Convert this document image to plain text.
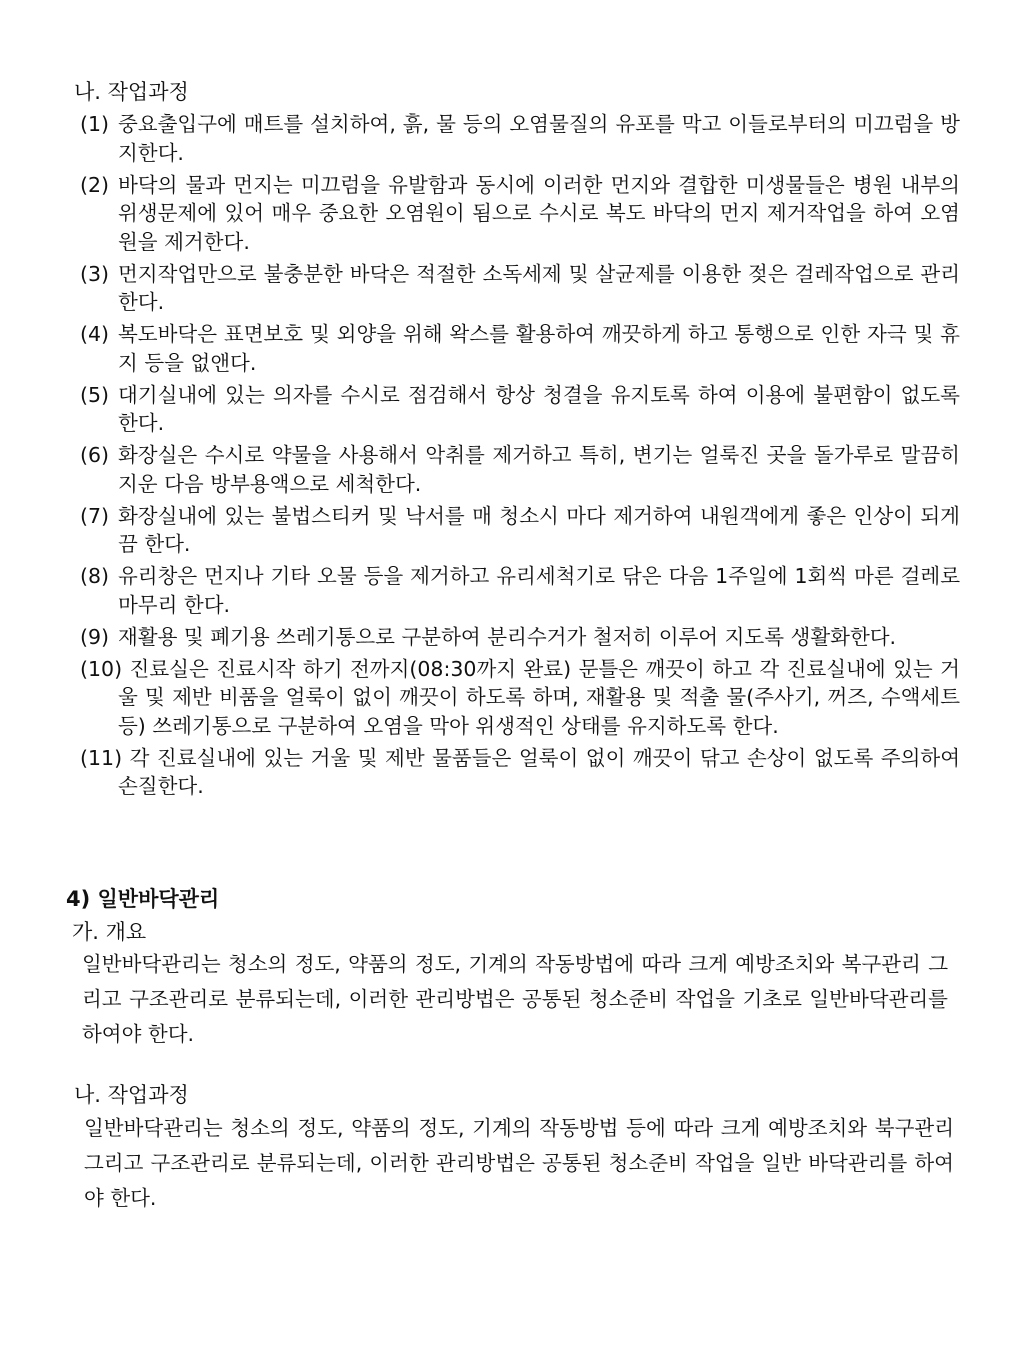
나. 작업과정
(1) 중요출입구에 매트를 설치하여, 흙, 물 등의 오염물질의 유포를 막고 이들로부터의 미끄럼을 방지한다.
(2) 바닥의 물과 먼지는 미끄럼을 유발함과 동시에 이러한 먼지와 결합한 미생물들은 병원 내부의 위생문제에 있어 매우 중요한 오염원이 됨으로 수시로 복도 바닥의 먼지 제거작업을 하여 오염원을 제거한다.
(3) 먼지작업만으로 불충분한 바닥은 적절한 소독세제 및 살균제를 이용한 젖은 걸레작업으로 관리한다.
(4) 복도바닥은 표면보호 및 외양을 위해 왁스를 활용하여 깨끗하게 하고 통행으로 인한 자극 및 휴지 등을 없앤다.
(5) 대기실내에 있는 의자를 수시로 점검해서 항상 청결을 유지토록 하여 이용에 불편함이 없도록 한다.
(6) 화장실은 수시로 약물을 사용해서 악취를 제거하고 특히, 변기는 얼룩진 곳을 돌가루로 말끔히 지운 다음 방부용액으로 세척한다.
(7) 화장실내에 있는 불법스티커 및 낙서를 매 청소시 마다 제거하여 내원객에게 좋은 인상이 되게끔 한다.
(8) 유리창은 먼지나 기타 오물 등을 제거하고 유리세척기로 닦은 다음 1주일에 1회씩 마른 걸레로 마무리 한다.
(9) 재활용 및 폐기용 쓰레기통으로 구분하여 분리수거가 철저히 이루어 지도록 생활화한다.
(10) 진료실은 진료시작 하기 전까지(08:30까지 완료) 문틀은 깨끗이 하고 각 진료실내에 있는 거울 및 제반 비품을 얼룩이 없이 깨끗이 하도록 하며, 재활용 및 적출 물(주사기, 꺼즈, 수액세트 등) 쓰레기통으로 구분하여 오염을 막아 위생적인 상태를 유지하도록 한다.
(11) 각 진료실내에 있는 거울 및 제반 물품들은 얼룩이 없이 깨끗이 닦고 손상이 없도록 주의하여 손질한다.
4) 일반바닥관리
가. 개요
일반바닥관리는 청소의 정도, 약품의 정도, 기계의 작동방법에 따라 크게 예방조치와 복구관리 그리고 구조관리로 분류되는데, 이러한 관리방법은 공통된 청소준비 작업을 기초로 일반바닥관리를 하여야 한다.
나. 작업과정
일반바닥관리는 청소의 정도, 약품의 정도, 기계의 작동방법 등에 따라 크게 예방조치와 북구관리 그리고 구조관리로 분류되는데, 이러한 관리방법은 공통된 청소준비 작업을 일반 바닥관리를 하여야 한다.
